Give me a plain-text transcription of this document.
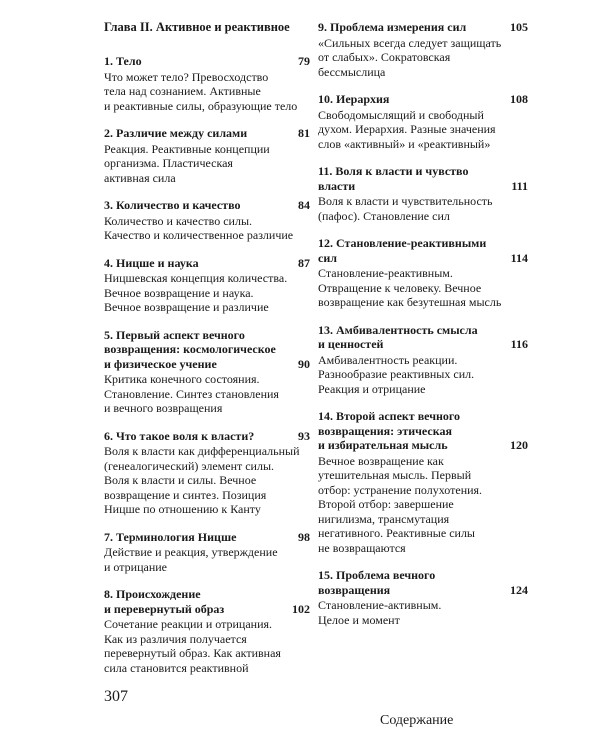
Глава II. Активное и реактивное
1. Тело	79
Что может тело? Превосходство
тела над сознанием. Активные
и реактивные силы, образующие тело
2. Различие между силами	81
Реакция. Реактивные концепции
организма. Пластическая
активная сила
3. Количество и качество	84
Количество и качество силы.
Качество и количественное различие
4. Ницше и наука	87
Ницшевская концепция количества.
Вечное возвращение и наука.
Вечное возвращение и различие
5. Первый аспект вечного
возвращения: космологическое
и физическое учение	90
Критика конечного состояния.
Становление. Синтез становления
и вечного возвращения
6. Что такое воля к власти?	93
Воля к власти как дифференциальный
(генеалогический) элемент силы.
Воля к власти и силы. Вечное
возвращение и синтез. Позиция
Ницше по отношению к Канту
7. Терминология Ницше	98
Действие и реакция, утверждение
и отрицание
8. Происхождение
и перевернутый образ	102
Сочетание реакции и отрицания.
Как из различия получается
перевернутый образ. Как активная
сила становится реактивной
9. Проблема измерения сил	105
«Сильных всегда следует защищать
от слабых». Сократовская
бессмыслица
10. Иерархия	108
Свободомыслящий и свободный
духом. Иерархия. Разные значения
слов «активный» и «реактивный»
11. Воля к власти и чувство
власти	111
Воля к власти и чувствительность
(пафос). Становление сил
12. Становление-реактивными
сил	114
Становление-реактивным.
Отвращение к человеку. Вечное
возвращение как безутешная мысль
13. Амбивалентность смысла
и ценностей	116
Амбивалентность реакции.
Разнообразие реактивных сил.
Реакция и отрицание
14. Второй аспект вечного
возвращения: этическая
и избирательная мысль	120
Вечное возвращение как
утешительная мысль. Первый
отбор: устранение полухотения.
Второй отбор: завершение
нигилизма, трансмутация
негативного. Реактивные силы
не возвращаются
15. Проблема вечного
возвращения	124
Становление-активным.
Целое и момент
307
Содержание
